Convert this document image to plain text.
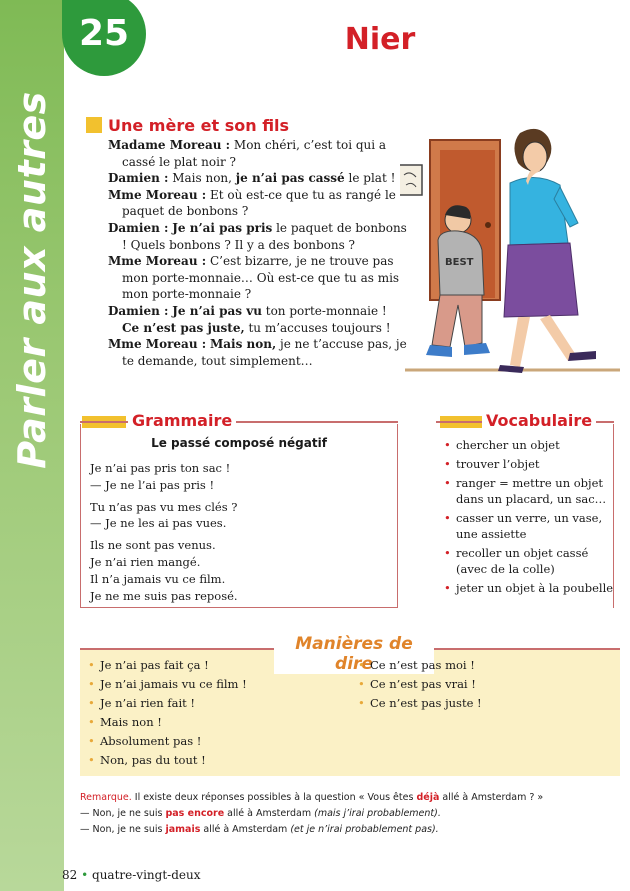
Parler aux autres
25	Nier
Une mère et son fils

Madame Moreau : Mon chéri, c’est toi qui a cassé le plat noir ?

Damien : Mais non, je n’ai pas cassé le plat !

Mme Moreau : Et où est-ce que tu as rangé le paquet de bonbons ?

Damien : Je n’ai pas pris le paquet de bonbons ! Quels bonbons ? Il y a des bonbons ?

Mme Moreau : C’est bizarre, je ne trouve pas mon porte-monnaie… Où est-ce que tu as mis mon porte-monnaie ?

Damien : Je n’ai pas vu ton porte-monnaie !
Ce n’est pas juste, tu m’accuses toujours !

Mme Moreau : Mais non, je ne t’accuse pas, je te demande, tout simplement…

BEST
Grammaire
Le passé composé négatif

Je n’ai pas pris ton sac !

— Je ne l’ai pas pris !

Tu n’as pas vu mes clés ?

— Je ne les ai pas vues.

Ils ne sont pas venus.

Je n’ai rien mangé.

Il n’a jamais vu ce film.

Je ne me suis pas reposé.

Vocabulaire
• chercher un objet
• trouver l’objet
• ranger = mettre un objet dans un placard, un sac…
• casser un verre, un vase, une assiette
• recoller un objet cassé (avec de la colle)
• jeter un objet à la poubelle
Manières de dire
• Je n’ai pas fait ça !
• Je n’ai jamais vu ce film !
• Je n’ai rien fait !
• Mais non !
• Absolument pas !
• Non, pas du tout !
• Ce n’est pas moi !
• Ce n’est pas vrai !
• Ce n’est pas juste !

Remarque. Il existe deux réponses possibles à la question « Vous êtes déjà allé à Amsterdam ? »

— Non, je ne suis pas encore allé à Amsterdam (mais j’irai probablement).

— Non, je ne suis jamais allé à Amsterdam (et je n’irai probablement pas).

82 • quatre-vingt-deux
